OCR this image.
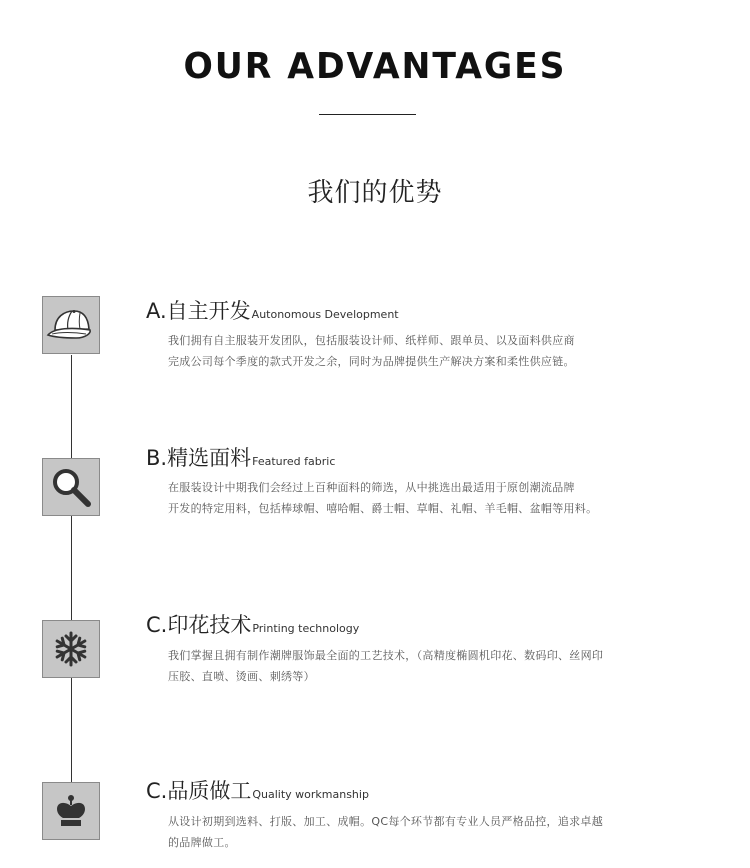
OUR ADVANTAGES
我们的优势
A.自主开发Autonomous Development
我们拥有自主服装开发团队，包括服装设计师、纸样师、跟单员、以及面料供应商
完成公司每个季度的款式开发之余，同时为品牌提供生产解决方案和柔性供应链。
B.精选面料Featured fabric
在服装设计中期我们会经过上百种面料的筛选，从中挑选出最适用于原创潮流品牌
开发的特定用料，包括棒球帽、嘻哈帽、爵士帽、草帽、礼帽、羊毛帽、盆帽等用料。
C.印花技术Printing technology
我们掌握且拥有制作潮牌服饰最全面的工艺技术，（高精度椭圆机印花、数码印、丝网印
压胶、直喷、烫画、刺绣等）
C.品质做工Quality workmanship
从设计初期到选料、打版、加工、成帽。QC每个环节都有专业人员严格品控，追求卓越
的品牌做工。
